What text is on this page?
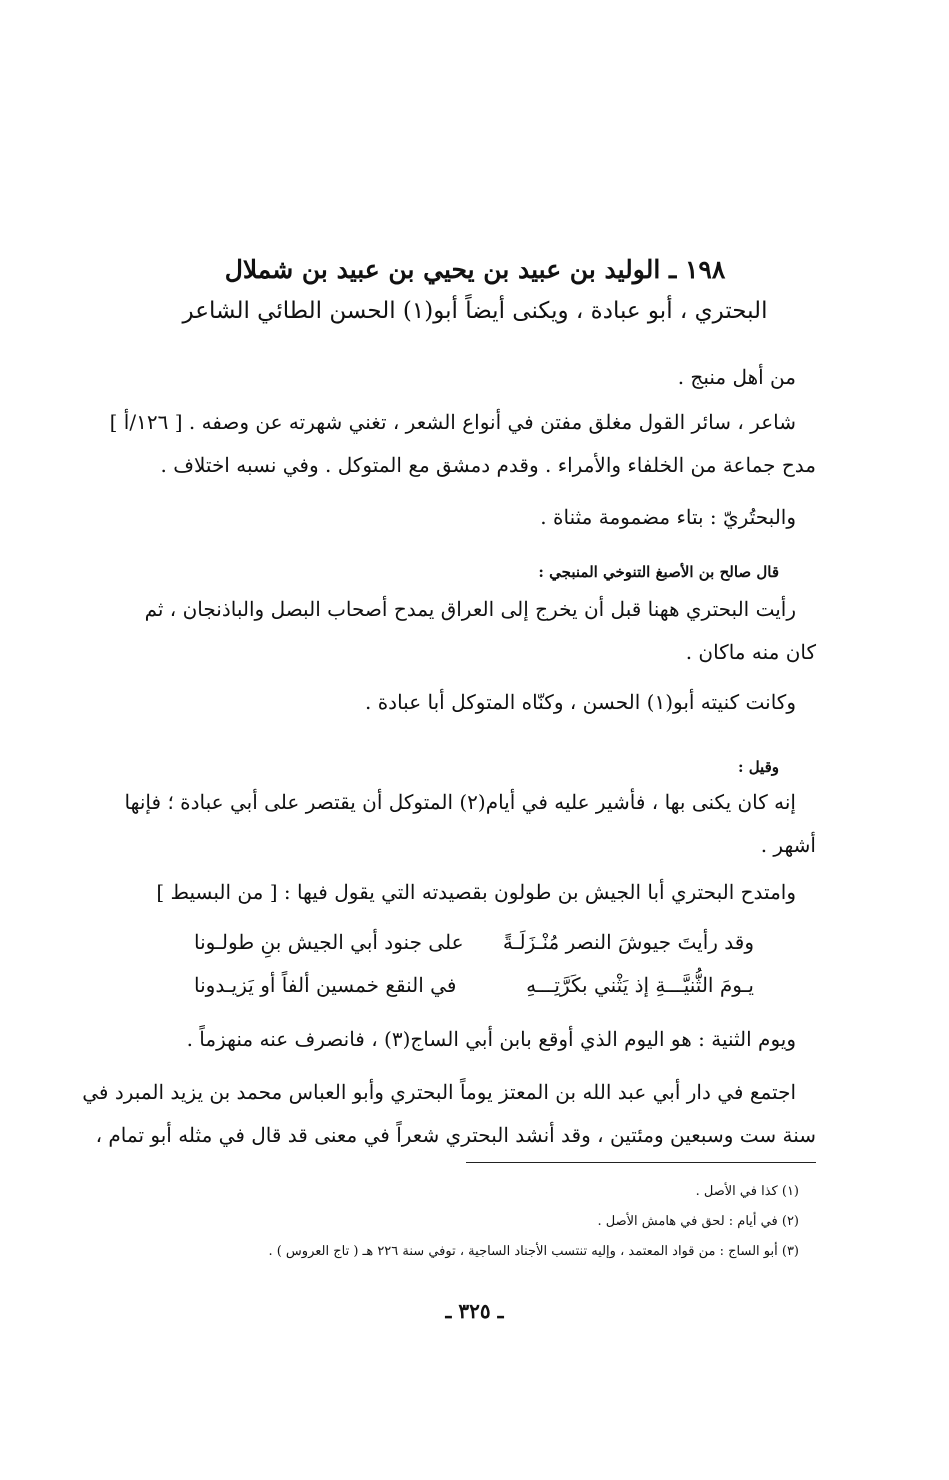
١٩٨ ـ الوليد بن عبيد بن يحيي بن عبيد بن شملال
البحتري ، أبو عبادة ، ويكنى أيضاً أبو(١) الحسن الطائي الشاعر
من أهل منبج .
شاعر ، سائر القول مغلق مفتن في أنواع الشعر ، تغني شهرته عن وصفه . [ ١٢٦/أ ]
مدح جماعة من الخلفاء والأمراء . وقدم دمشق مع المتوكل . وفي نسبه اختلاف .
والبحتُريّ : بتاء مضمومة مثناة .
قال صالح بن الأصبغ التنوخي المنبجي :
رأيت البحتري ههنا قبل أن يخرج إلى العراق يمدح أصحاب البصل والباذنجان ، ثم
كان منه ماكان .
وكانت كنيته أبو(١) الحسن ، وكنّاه المتوكل أبا عبادة .
وقيل :
إنه كان يكنى بها ، فأشير عليه في أيام(٢) المتوكل أن يقتصر على أبي عبادة ؛ فإنها
أشهر .
وامتدح البحتري أبا الجيش بن طولون بقصيدته التي يقول فيها : [ من البسيط ]
وقد رأيتَ جيوشَ النصر مُنْـزَلَـةً
على جنود أبي الجيش بنِ طولـونا
يـومَ الثُّنيَّـــةِ إذ يَثْني بكَرَّتِـــهِ
في النقع خمسين ألفاً أو يَزيـدونا
ويوم الثنية : هو اليوم الذي أوقع بابن أبي الساج(٣) ، فانصرف عنه منهزماً .
اجتمع في دار أبي عبد الله بن المعتز يوماً البحتري وأبو العباس محمد بن يزيد المبرد في
سنة ست وسبعين ومئتين ، وقد أنشد البحتري شعراً في معنى قد قال في مثله أبو تمام ،
(١) كذا في الأصل .
(٢) في أيام : لحق في هامش الأصل .
(٣) أبو الساج : من قواد المعتمد ، وإليه تنتسب الأجناد الساجية ، توفي سنة ٢٢٦ هـ ( تاج العروس ) .
ـ ٣٢٥ ـ
